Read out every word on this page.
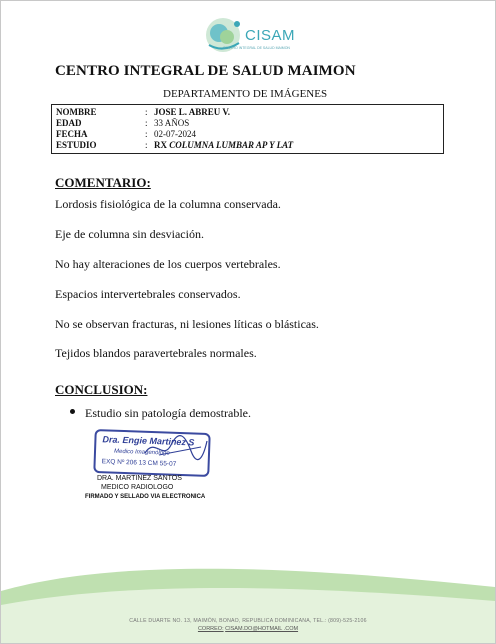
CISAM
CENTRO INTEGRAL DE SALUD MAIMON
CENTRO INTEGRAL DE SALUD MAIMON
DEPARTAMENTO DE IMÁGENES
NOMBRE	: JOSE L. ABREU V.
EDAD	: 33 AÑOS
FECHA	: 02-07-2024
ESTUDIO	: RX COLUMNA LUMBAR AP Y LAT
COMENTARIO:
Lordosis fisiológica de la columna conservada.
Eje de columna sin desviación.
No hay alteraciones de los cuerpos vertebrales.
Espacios intervertebrales conservados.
No se observan fracturas, ni lesiones líticas o blásticas.
Tejidos blandos paravertebrales normales.
CONCLUSION:
Estudio sin patología demostrable.
Dra. Engie Martinez S
Medico Imagenólogo
EXQ Nº 206 13 CM 55-07
DRA. MARTINEZ SANTOS
MEDICO RADIOLOGO
FIRMADO Y SELLADO VIA ELECTRONICA
CALLE DUARTE NO. 13, MAIMÓN, BONAO, REPUBLICA DOMINICANA, TEL.: (809)-525-2106
CORREO: CISAM.DO@HOTMAIL .COM
